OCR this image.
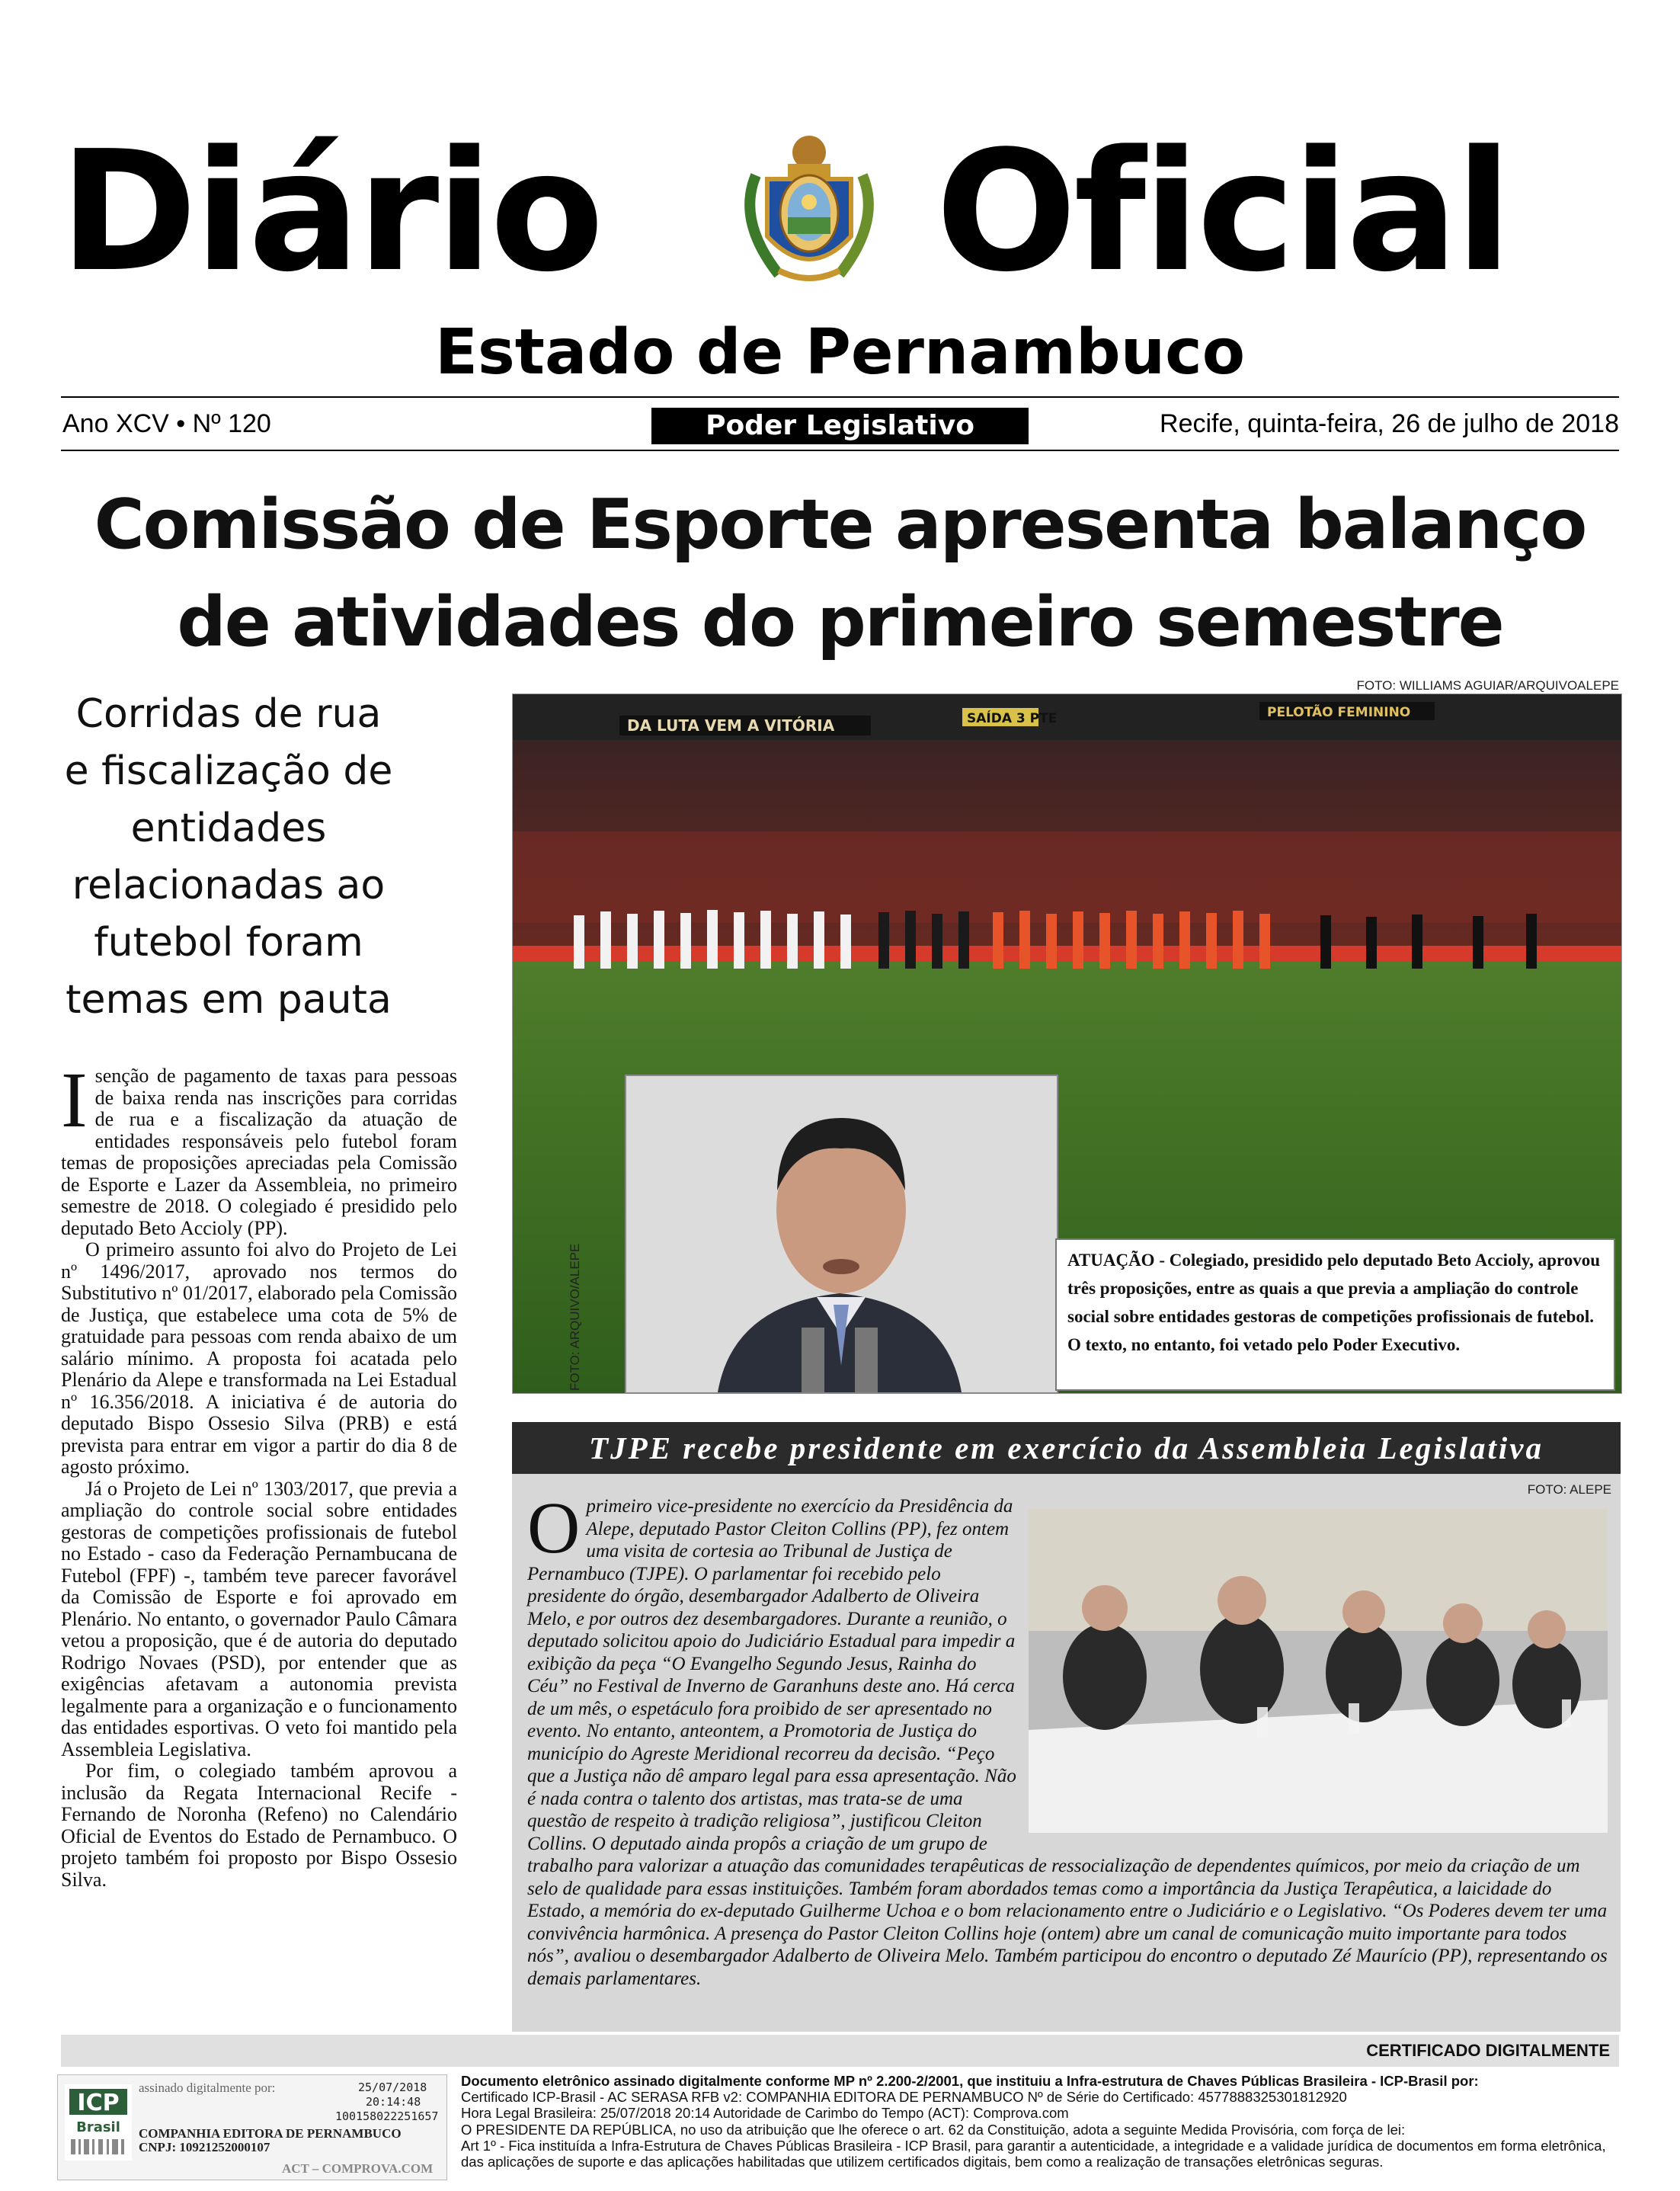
Diário Oficial
Estado de Pernambuco
Ano XCV • Nº 120	Poder Legislativo	Recife, quinta-feira, 26 de julho de 2018
Comissão de Esporte apresenta balanço
de atividades do primeiro semestre
Corridas de rua
e fiscalização de
entidades
relacionadas ao
futebol foram
temas em pauta

Isenção de pagamento de taxas para pessoas de baixa renda nas inscrições para corridas de rua e a fiscalização da atuação de entidades responsáveis pelo futebol foram temas de proposições apreciadas pela Comissão de Esporte e Lazer da Assembleia, no primeiro semestre de 2018. O colegiado é presidido pelo deputado Beto Accioly (PP).

O primeiro assunto foi alvo do Projeto de Lei nº 1496/2017, aprovado nos termos do Substitutivo nº 01/2017, elaborado pela Comissão de Justiça, que estabelece uma cota de 5% de gratuidade para pessoas com renda abaixo de um salário mínimo. A proposta foi acatada pelo Plenário da Alepe e transformada na Lei Estadual nº 16.356/2018. A iniciativa é de autoria do deputado Bispo Ossesio Silva (PRB) e está prevista para entrar em vigor a partir do dia 8 de agosto próximo.

Já o Projeto de Lei nº 1303/2017, que previa a ampliação do controle social sobre entidades gestoras de competições profissionais de futebol no Estado - caso da Federação Pernambucana de Futebol (FPF) -, também teve parecer favorável da Comissão de Esporte e foi aprovado em Plenário. No entanto, o governador Paulo Câmara vetou a proposição, que é de autoria do deputado Rodrigo Novaes (PSD), por entender que as exigências afetavam a autonomia prevista legalmente para a organização e o funcionamento das entidades esportivas. O veto foi mantido pela Assembleia Legislativa.

Por fim, o colegiado também aprovou a inclusão da Regata Internacional Recife - Fernando de Noronha (Refeno) no Calendário Oficial de Eventos do Estado de Pernambuco. O projeto também foi proposto por Bispo Ossesio Silva.

FOTO: WILLIAMS AGUIAR/ARQUIVOALEPE
DA LUTA VEM A VITÓRIA	SAÍDA 3 PTE	PELOTÃO FEMININO
ATUAÇÃO - Colegiado, presidido pelo deputado Beto Accioly, aprovou três proposições, entre as quais a que previa a ampliação do controle social sobre entidades gestoras de competições profissionais de futebol. O texto, no entanto, foi vetado pelo Poder Executivo.
TJPE recebe presidente em exercício da Assembleia Legislativa
FOTO: ALEPE
Oprimeiro vice-presidente no exercício da Presidência da Alepe, deputado Pastor Cleiton Collins (PP), fez ontem uma visita de cortesia ao Tribunal de Justiça de Pernambuco (TJPE). O parlamentar foi recebido pelo presidente do órgão, desembargador Adalberto de Oliveira Melo, e por outros dez desembargadores. Durante a reunião, o deputado solicitou apoio do Judiciário Estadual para impedir a exibição da peça “O Evangelho Segundo Jesus, Rainha do Céu” no Festival de Inverno de Garanhuns deste ano. Há cerca de um mês, o espetáculo fora proibido de ser apresentado no evento. No entanto, anteontem, a Promotoria de Justiça do município do Agreste Meridional recorreu da decisão. “Peço que a Justiça não dê amparo legal para essa apresentação. Não é nada contra o talento dos artistas, mas trata-se de uma questão de respeito à tradição religiosa”, justificou Cleiton Collins. O deputado ainda propôs a criação de um grupo de trabalho para valorizar a atuação das comunidades terapêuticas de ressocialização de dependentes químicos, por meio da criação de um selo de qualidade para essas instituições. Também foram abordados temas como a importância da Justiça Terapêutica, a laicidade do Estado, a memória do ex-deputado Guilherme Uchoa e o bom relacionamento entre o Judiciário e o Legislativo. “Os Poderes devem ter uma convivência harmônica. A presença do Pastor Cleiton Collins hoje (ontem) abre um canal de comunicação muito importante para todos nós”, avaliou o desembargador Adalberto de Oliveira Melo. Também participou do encontro o deputado Zé Maurício (PP), representando os demais parlamentares.
CERTIFICADO DIGITALMENTE
ICP
Brasil
assinado digitalmente por:	25/07/2018
20:14:48
100158022251657
COMPANHIA EDITORA DE PERNAMBUCO
CNPJ: 10921252000107
ACT – COMPROVA.COM
Documento eletrônico assinado digitalmente conforme MP nº 2.200-2/2001, que instituiu a Infra-estrutura de Chaves Públicas Brasileira - ICP-Brasil por:
Certificado ICP-Brasil - AC SERASA RFB v2: COMPANHIA EDITORA DE PERNAMBUCO Nº de Série do Certificado: 4577888325301812920
Hora Legal Brasileira: 25/07/2018 20:14 Autoridade de Carimbo do Tempo (ACT): Comprova.com
O PRESIDENTE DA REPÚBLICA, no uso da atribuição que lhe oferece o art. 62 da Constituição, adota a seguinte Medida Provisória, com força de lei:
Art 1º - Fica instituída a Infra-Estrutura de Chaves Públicas Brasileira - ICP Brasil, para garantir a autenticidade, a integridade e a validade jurídica de documentos em forma eletrônica,
das aplicações de suporte e das aplicações habilitadas que utilizem certificados digitais, bem como a realização de transações eletrônicas seguras.
